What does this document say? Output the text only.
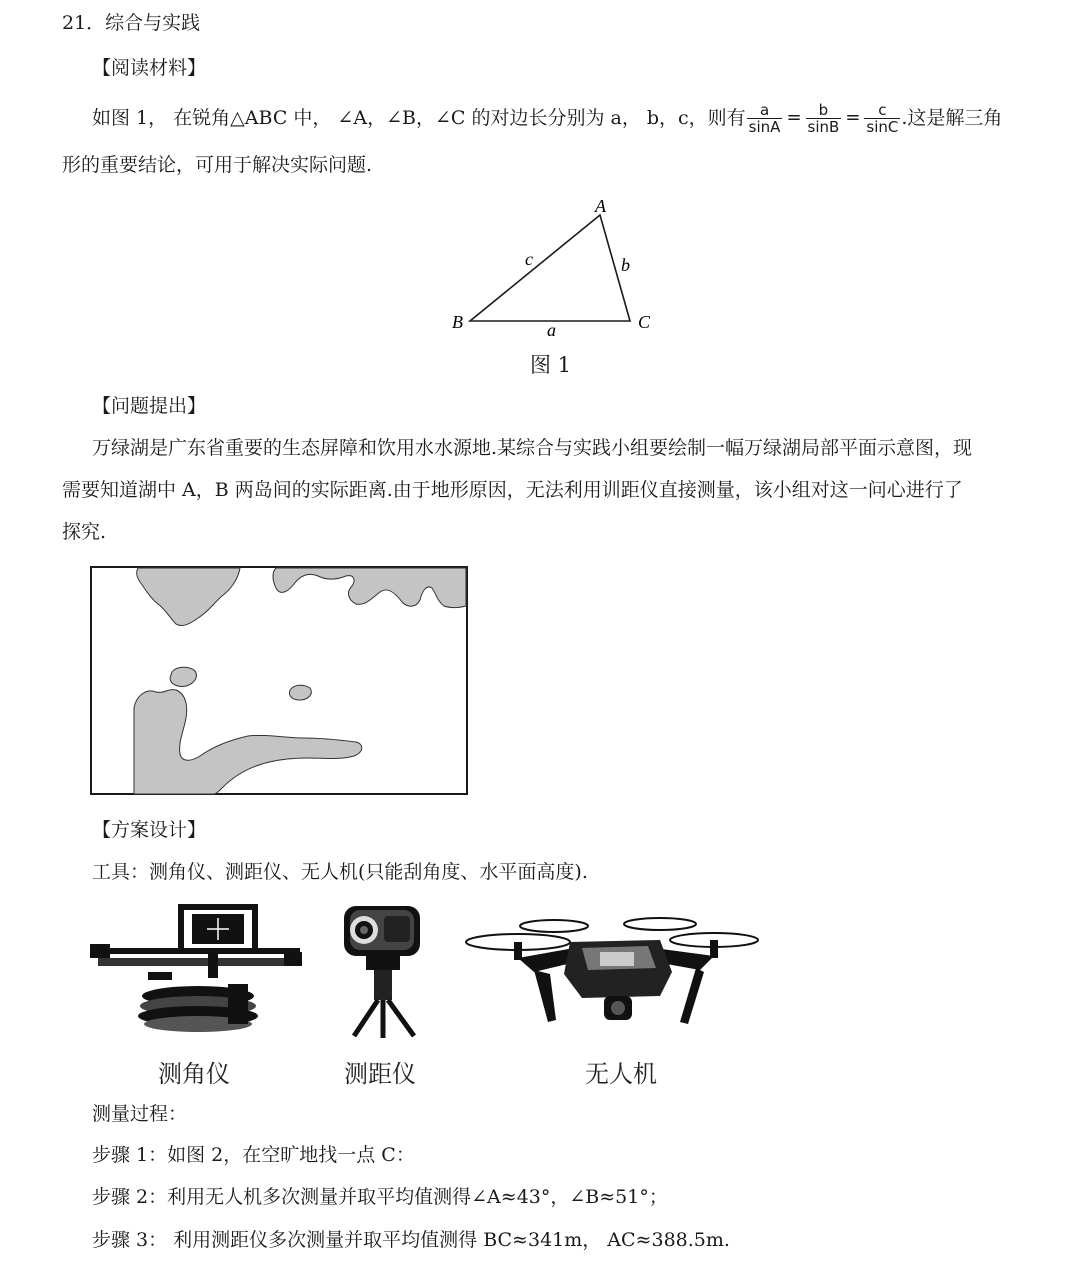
21．综合与实践
【阅读材料】
如图 1， 在锐角△ABC 中， ∠A，∠B，∠C 的对边长分别为 a， b，c，则有 $\frac{a}{\sin A} = \frac{b}{\sin B} = \frac{c}{\sin C}$ .这是解三角
形的重要结论，可用于解决实际问题.
A
B	C
c	b
a
图 1
【问题提出】
万绿湖是广东省重要的生态屏障和饮用水水源地.某综合与实践小组要绘制一幅万绿湖局部平面示意图，现
需要知道湖中 A，B 两岛间的实际距离.由于地形原因，无法利用训距仪直接测量，该小组对这一问心进行了
探究.
【方案设计】
工具：测角仪、测距仪、无人机(只能刮角度、水平面高度).
测角仪	测距仪	无人机
测量过程：
步骤 1：如图 2，在空旷地找一点 C：
步骤 2：利用无人机多次测量并取平均值测得∠A≈43°，∠B≈51°；
步骤 3： 利用测距仪多次测量并取平均值测得 BC≈341m， AC≈388.5m.
